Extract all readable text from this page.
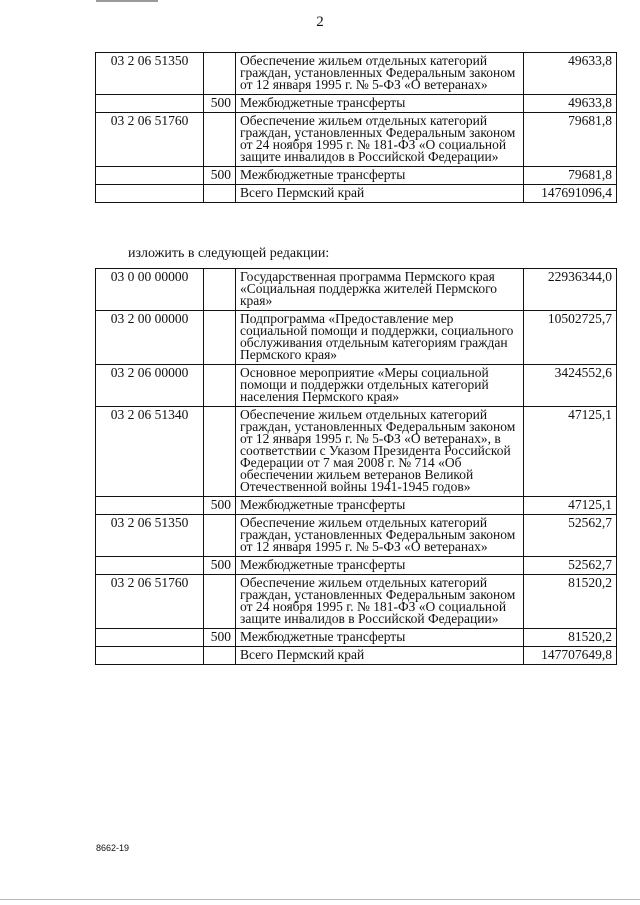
2
03 2 06 51350		Обеспечение жильем отдельных категорий граждан, установленных Федеральным законом от 12 января 1995 г. № 5-ФЗ «О ветеранах»	49633,8
	500	Межбюджетные трансферты	49633,8
03 2 06 51760		Обеспечение жильем отдельных категорий граждан, установленных Федеральным законом от 24 ноября 1995 г. № 181-ФЗ «О социальной защите инвалидов в Российской Федерации»	79681,8
	500	Межбюджетные трансферты	79681,8
		Всего Пермский край	147691096,4
изложить в следующей редакции:
03 0 00 00000		Государственная программа Пермского края «Социальная поддержка жителей Пермского края»	22936344,0
03 2 00 00000		Подпрограмма «Предоставление мер социальной помощи и поддержки, социального обслуживания отдельным категориям граждан Пермского края»	10502725,7
03 2 06 00000		Основное мероприятие «Меры социальной помощи и поддержки отдельных категорий населения Пермского края»	3424552,6
03 2 06 51340		Обеспечение жильем отдельных категорий граждан, установленных Федеральным законом от 12 января 1995 г. № 5-ФЗ «О ветеранах», в соответствии с Указом Президента Российской Федерации от 7 мая 2008 г. № 714 «Об обеспечении жильем ветеранов Великой Отечественной войны 1941-1945 годов»	47125,1
	500	Межбюджетные трансферты	47125,1
03 2 06 51350		Обеспечение жильем отдельных категорий граждан, установленных Федеральным законом от 12 января 1995 г. № 5-ФЗ «О ветеранах»	52562,7
	500	Межбюджетные трансферты	52562,7
03 2 06 51760		Обеспечение жильем отдельных категорий граждан, установленных Федеральным законом от 24 ноября 1995 г. № 181-ФЗ «О социальной защите инвалидов в Российской Федерации»	81520,2
	500	Межбюджетные трансферты	81520,2
		Всего Пермский край	147707649,8
8662-19
